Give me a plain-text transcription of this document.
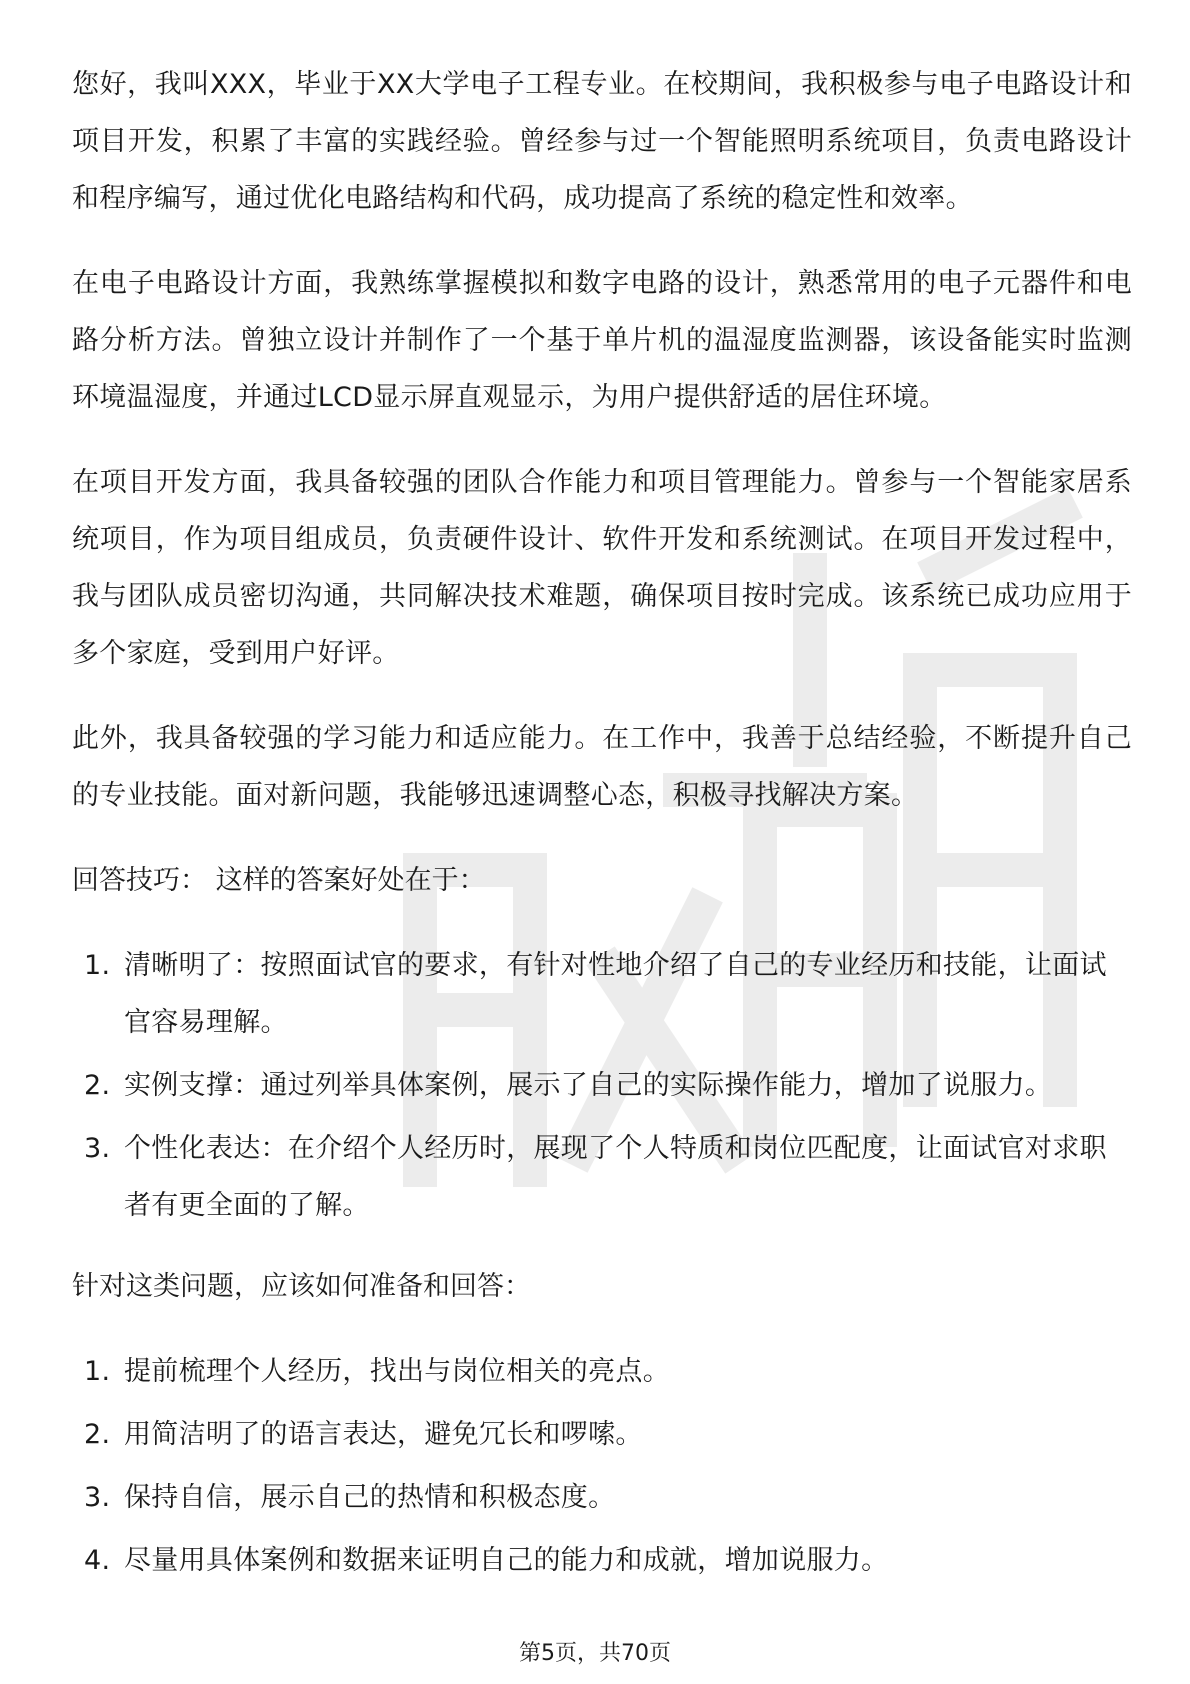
您好，我叫XXX，毕业于XX大学电子工程专业。在校期间，我积极参与电子电路设计和项目开发，积累了丰富的实践经验。曾经参与过一个智能照明系统项目，负责电路设计和程序编写，通过优化电路结构和代码，成功提高了系统的稳定性和效率。

在电子电路设计方面，我熟练掌握模拟和数字电路的设计，熟悉常用的电子元器件和电路分析方法。曾独立设计并制作了一个基于单片机的温湿度监测器，该设备能实时监测环境温湿度，并通过LCD显示屏直观显示，为用户提供舒适的居住环境。

在项目开发方面，我具备较强的团队合作能力和项目管理能力。曾参与一个智能家居系统项目，作为项目组成员，负责硬件设计、软件开发和系统测试。在项目开发过程中，我与团队成员密切沟通，共同解决技术难题，确保项目按时完成。该系统已成功应用于多个家庭，受到用户好评。

此外，我具备较强的学习能力和适应能力。在工作中，我善于总结经验，不断提升自己的专业技能。面对新问题，我能够迅速调整心态，积极寻找解决方案。

回答技巧： 这样的答案好处在于：

1. 清晰明了：按照面试官的要求，有针对性地介绍了自己的专业经历和技能，让面试官容易理解。
2. 实例支撑：通过列举具体案例，展示了自己的实际操作能力，增加了说服力。
3. 个性化表达：在介绍个人经历时，展现了个人特质和岗位匹配度，让面试官对求职者有更全面的了解。

针对这类问题，应该如何准备和回答：

1. 提前梳理个人经历，找出与岗位相关的亮点。
2. 用简洁明了的语言表达，避免冗长和啰嗦。
3. 保持自信，展示自己的热情和积极态度。
4. 尽量用具体案例和数据来证明自己的能力和成就，增加说服力。
第5页，共70页
